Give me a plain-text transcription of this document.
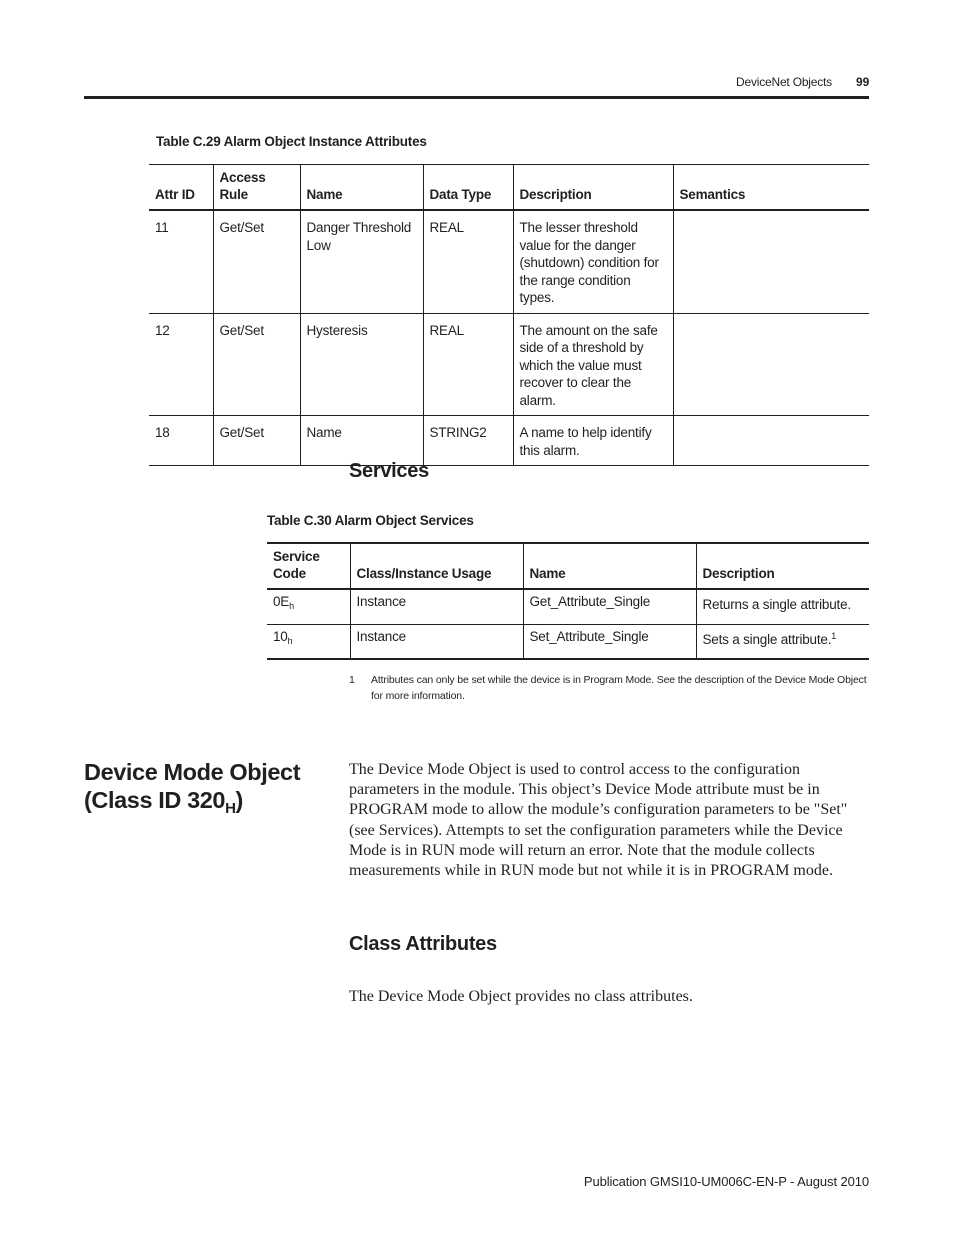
DeviceNet Objects 99
Table C.29 Alarm Object Instance Attributes
Attr ID	Access Rule	Name	Data Type	Description	Semantics
11	Get/Set	Danger Threshold Low	REAL	The lesser threshold value for the danger (shutdown) condition for the range condition types.	
12	Get/Set	Hysteresis	REAL	The amount on the safe side of a threshold by which the value must recover to clear the alarm.	
18	Get/Set	Name	STRING2	A name to help identify this alarm.	
Services
Table C.30 Alarm Object Services
Service Code	Class/Instance Usage	Name	Description
$0E_h$	Instance	Get_Attribute_Single	Returns a single attribute.
$10_h$	Instance	Set_Attribute_Single	Sets a single attribute.$^1$
1 Attributes can only be set while the device is in Program Mode. See the description of the Device Mode Object for more information.
Device Mode Object
(Class ID $320_H$)
The Device Mode Object is used to control access to the configuration parameters in the module. This object’s Device Mode attribute must be in PROGRAM mode to allow the module’s configuration parameters to be "Set" (see Services). Attempts to set the configuration parameters while the Device Mode is in RUN mode will return an error. Note that the module collects measurements while in RUN mode but not while it is in PROGRAM mode.
Class Attributes
The Device Mode Object provides no class attributes.
Publication GMSI10-UM006C-EN-P - August 2010
